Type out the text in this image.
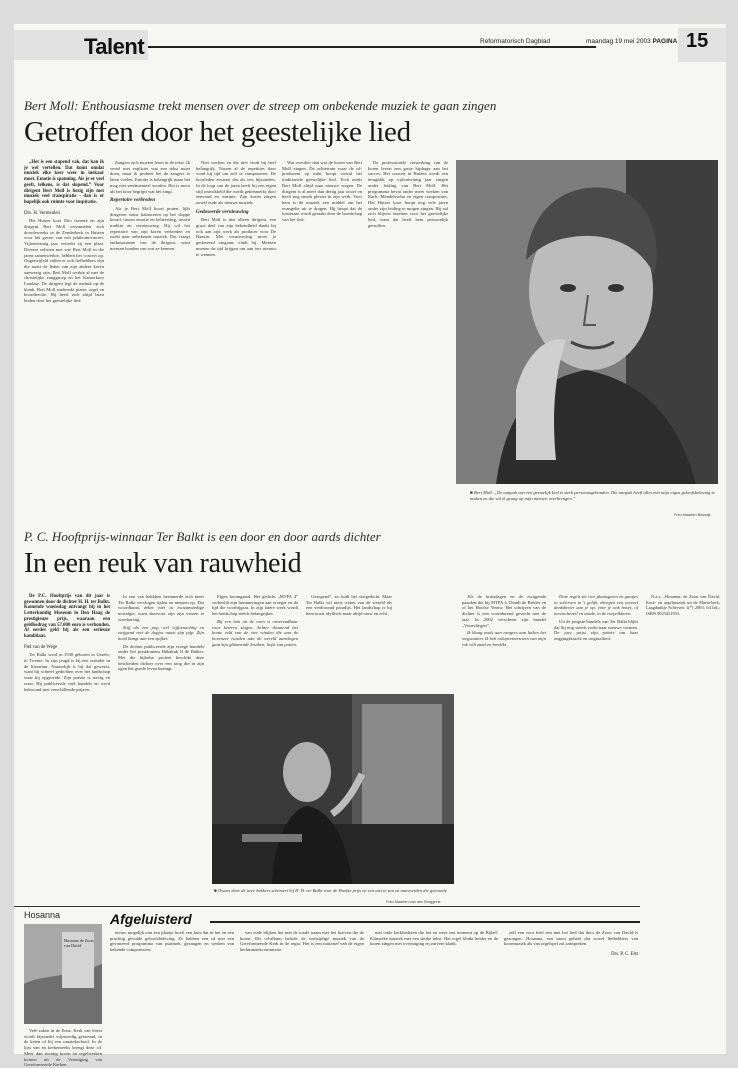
Talent	Reformatorisch Dagblad	maandag 19 mei 2003 PAGINA 15
Bert Moll: Enthousiasme trekt mensen over de streep om onbekende muziek te gaan zingen
Getroffen door het geestelijke lied

„Het is een stapend vak, dat kan ik je wel vertellen. Dat komt omdat muziek elke keer weer in mekaar moet. Emotie is spanning. Als je er veel geeft, telkens, is dat slopend.” Voor dirigent Bert Moll is bezig zijn met muziek veel transpiratie - dan is er hopelijk ook ruimte voor inspiratie.

Drs. H. Vermeulen

Het Huizer koor Deo favente en zijn dirigent Bert Moll verzamelen zich doordeweeks in de Zenderkerk in Huizen voor het geven van een jubileumconcert. Vijfentwintig jaar vertrekt zij een plaat. Diverse solisten met wie Bert Moll in die jaren samenwerkte, hebben het concert op. Ongetwijfeld zullen er ook liefhebbers zijn die naast de leden van zijn andere koren aanwezig zijn. Bert Moll werkte al met de christelijke zanggroep en het Kamerkoor Laudate. De dirigent legt de nadruk op de klank. Bert Moll studeerde piano, orgel en koordirectie. Hij heeft zich altijd laten leiden door het geestelijke lied.

Zangers zich moeten leren in de tekst. Ik vertel niet expliciet wat een tekst moet doen, maar ik probeer het de zangers te laten voelen. Emotie is belangrijk maar het mag niet sentimenteel worden. Het is mooi als het koor begrijpt wat het zingt.

Repertoire verbreden

Als je Bert Moll hoort praten, lijkt dirigeren soms balanceren op het slappe koord, tussen emotie en beheersing, tussen traditie en vernieuwing. Hij wil het repertoire van zijn koren verbreden en zoekt naar onbekende muziek. Dat vraagt enthousiasme van de dirigent, want mensen houden van wat ze kennen.

Niet werken en die niet vindt bij heel belangrijk. Tussen al de repetities door vond hij tijd om zelf te componeren. De koorleden ervaren dat als iets bijzonders. In de loop van de jaren heeft hij een eigen stijl ontwikkeld die wordt gekenmerkt door eenvoud en warmte. Zijn koren zingen zowel oude als nieuwe muziek.

Gedoseerde vernieuwing

Bert Moll is niet alleen dirigent, een groot deel van zijn bekendheid dankt hij ook aan zijn werk als producer voor De Bazuin. Met vernieuwing moet je gedoseerd omgaan, vindt hij. Mensen moeten de tijd krijgen om aan iets nieuws te wennen.

Wat overdier dan wat de koren van Bert Moll zingen. De achtertuin waar de cd-producent op mikt koopt vooral het traditionele geestelijke lied. Toch zoekt Bert Moll altijd naar nieuwe wegen. De dirigent is al meer dan dertig jaar actief en heeft nog steeds plezier in zijn werk. Voor hem is de muziek een middel om het evangelie uit te dragen. Hij hoopt dat de luisteraar wordt geraakt door de boodschap van het lied.

De professionele versterking van de koren levert een grote bijdrage aan het succes. Het concert in Huizen wordt een terugblik op vijfentwintig jaar zingen onder leiding van Bert Moll. Het programma bevat onder meer werken van Bach, Mendelssohn en eigen composities. Het Huizer koor hoopt nog vele jaren onder zijn leiding te mogen zingen. Hij zal zich blijven inzetten voor het geestelijke lied, want dat heeft hem persoonlijk getroffen.

■ Bert Moll: „De aanpak van een geestelijk lied is sterk persoonsgebonden. Die aanpak heeft alles met mijn eigen geloofsbeleving te maken en die wil ik graag op mijn mensen overbrengen.”
Foto Maarten Boswijk
P. C. Hooftprijs-winnaar Ter Balkt is een door en door aards dichter
In een reuk van rauwheid

De P.C. Hooftprijs van dit jaar is gewonnen door de dichter H. H. ter Balkt. Komende woensdag ontvangt hij in het Letterkundig Museum in Den Haag de prestigieuze prijs, waaraan een geldbedrag van 57.000 euro is verbonden. Al eerder geld hij als een serieuze kandidaat.

Piet van de Wege

Ter Balkt werd in 1938 geboren in Usselo, in Twente. In zijn jeugd is hij een outsider in de literatuur. Natuurlijk is hij dat geweest, want hij schreef gedichten over het landschap waar hij opgroeide. Zijn poëzie is stevig en rauw. Hij publiceerde veel bundels en werd bekroond met verschillende prijzen.

In een van bekkken herinnerde zich meer Ter Balkt vervlogen tijden en mensen op. Dat woordkunst zeker niet in zwaarmoedige nostalgie, want daarvoor zijn zijn verzen te weerbarstig.

Stijf als een pop, wel vijftienachtig en zwijgend met de dopjes naast zijn pijp. Zijn hoed hangt aan een spijker.

De dichter publiceerde zijn vroege bundels onder het pseudoniem Habakuk II de Balker. Met die bijbelse profeet beschikt deze bescheiden dichter over een tong die in zijn ogen het goede leven bezingt.

Eigen boomgaard. Het gedicht „MTPA 4” verbeeldt zijn herinneringen aan vroeger en de tijd die voorbijgaat. In zijn latere werk wordt het landschap steeds belangrijker.

Bij een lam uit de oven is onverzadbaar voor keteren slagen. Achter draaiend het bonte veld van de vier winden die aan de bovenzee ruisden aan de wereld aanvlogen gaat zijn glimmende kruiken, liefst van potten.

Gezegend”, zo luidt het slotgedicht. Maar Ter Balkt wil niets weten van de wereld als een verdroomd paradijs. Het landschap is bij hem nooit idyllisch maar altijd rauw en echt.

■ Dwars door de twee bekkers schemert hij H. H. ter Balkt voor de Hoofse prijs en een niet te zen en aanvoerden die getoonde
Foto Maarten van den Borggrink

Als de kruisdagen en de zwijgende paarden die bij MTPA 4, Dondi de Bredes en of het Hoofse Veruw. Het schrijven van de dichter is een voortdurend gevecht met de taal. In 2002 verscheen zijn bundel „Vuurvliegen”.

Ik klaag zoals aan rangers aan luiken het wegwaaien. Ik heb oolapvetzeeuwen van mijn rok wilt zaad en bredekt.

Deze regels uit rivo plaatsgeten en gaatjes in scherven in 't gelijk, droegen een teeveel denkdiener aan je op, voor je ook hoort, of ineens bezeil en aarde, in de roepelklaren.

Uit de jongste bundels van Ter Balkt blijkt dat hij nog steeds zoekt naar nieuwe vormen. De jury prijst zijn poëzie om haar zeggingskracht en originaliteit.

N.a.v. „Hosanna, de Zoon van David. Koor- en orgelmuziek uit de Maria-kerk, Laagdunkje Scherven 1(*) 2003; 64 blz.; ISBN 9023421933.

Hosanna
Hosanna de Zoon van David

Vele zaken in de Eenz. Kerk van Soest wordt bijzonder vrijmoedig genoemd, in de keten of bij een muziekschool. In de lijst van en kerkenreeks brengt deze cd. Meer dan twintig koren en orgelwerken komen uit de Vereniging van Gereformeerde Kerken.

Afgeluisterd

nieuw mogelijk van een plaatje hoeft een huis dat in het en een prachtig gevulde geloofsbeleving. Ze hebben een cd met een gevarieerd programma van psalmen, gezangen en werken van bekende componisten.

van oude blijken het met de totale naam met het hoeven die de koren. Dit cd-album belicht de veelzijdige muziek van de Gereformeerde Kerk in de regio. Het is een initiatief van de eigen kerkmuziekcommissie.

met oude kerkliederen die het en weer een moment op de Bijbel. Klassieke muziek met een sterke tekst. Het orgel klinkt helder en de koren zingen met overtuiging en zuivere klank.

zelf een voor heel een met het lied dat door de Zoon van David is gezongen. Hosanna, een mooi geheel dat zowel liefhebbers van koormuziek als van orgelspel zal aanspreken.

Drs. P. C. Elst
